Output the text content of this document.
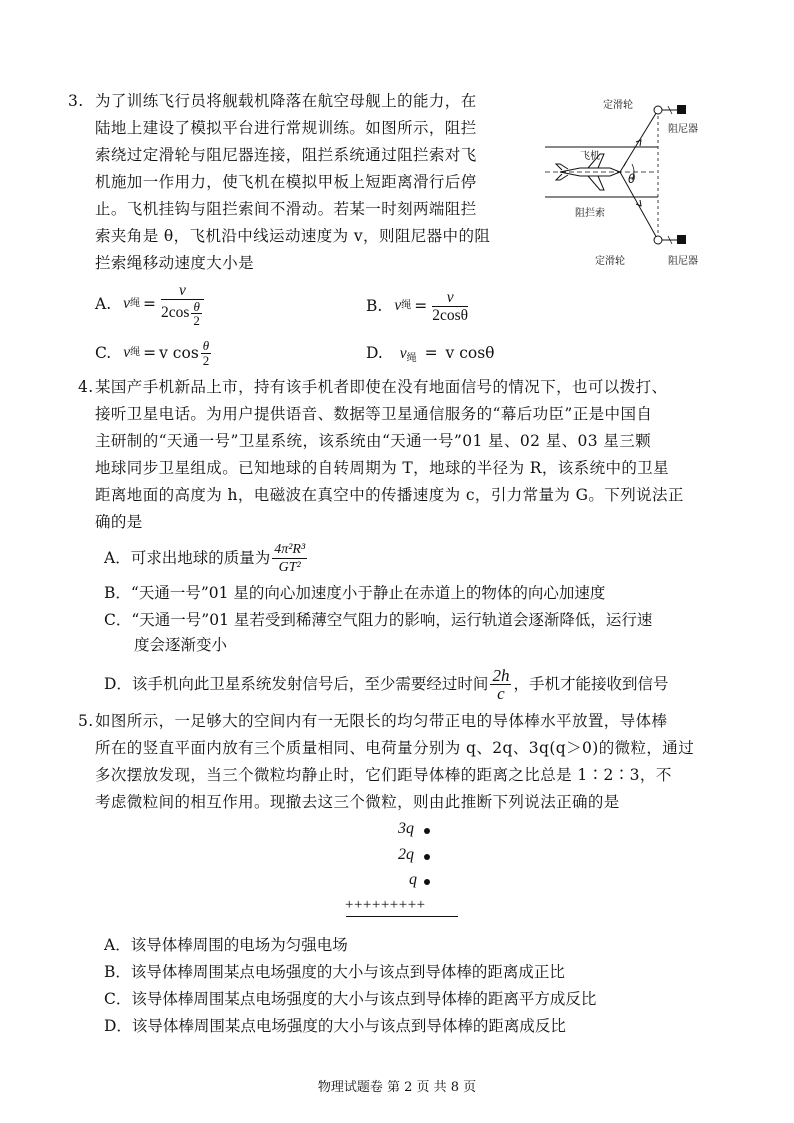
3. 为了训练飞行员将舰载机降落在航空母舰上的能力，在
陆地上建设了模拟平台进行常规训练。如图所示，阻拦
索绕过定滑轮与阻尼器连接，阻拦系统通过阻拦索对飞
机施加一作用力，使飞机在模拟甲板上短距离滑行后停
止。飞机挂钩与阻拦索间不滑动。若某一时刻两端阻拦
索夹角是 θ，飞机沿中线运动速度为 v，则阻尼器中的阻
拦索绳移动速度大小是
定滑轮
阻尼器
飞机
θ
阻拦索
定滑轮	阻尼器
A. v 绳 = $\frac{v}{2\cos \frac{\theta}{2}}$	B. v 绳 = $\frac{v}{2\cos\theta}$
C. v 绳 = v $\cos \frac{\theta}{2}$	D. $v_绳 = v$ cosθ
4. 某国产手机新品上市，持有该手机者即使在没有地面信号的情况下，也可以拨打、
接听卫星电话。为用户提供语音、数据等卫星通信服务的“幕后功臣”正是中国自
主研制的“天通一号”卫星系统，该系统由“天通一号”01 星、02 星、03 星三颗
地球同步卫星组成。已知地球的自转周期为 T，地球的半径为 R，该系统中的卫星
距离地面的高度为 h，电磁波在真空中的传播速度为 c，引力常量为 G。下列说法正
确的是
A．可求出地球的质量为 $\frac{\text{4π²R³}}{\text{GT²}}$
B．“天通一号”01 星的向心加速度小于静止在赤道上的物体的向心加速度
C．“天通一号”01 星若受到稀薄空气阻力的影响，运行轨道会逐渐降低，运行速
度会逐渐变小
D．该手机向此卫星系统发射信号后，至少需要经过时间 $\frac{2h}{c}$ ，手机才能接收到信号
5. 如图所示，一足够大的空间内有一无限长的均匀带正电的导体棒水平放置，导体棒
所在的竖直平面内放有三个质量相同、电荷量分别为 q、2q、3q(q＞0)的微粒，通过
多次摆放发现，当三个微粒均静止时，它们距导体棒的距离之比总是 1∶2∶3，不
考虑微粒间的相互作用。现撤去这三个微粒，则由此推断下列说法正确的是
3q
2q
q
+++++++++
A．该导体棒周围的电场为匀强电场
B．该导体棒周围某点电场强度的大小与该点到导体棒的距离成正比
C．该导体棒周围某点电场强度的大小与该点到导体棒的距离平方成反比
D．该导体棒周围某点电场强度的大小与该点到导体棒的距离成反比
物理试题卷 第 2 页 共 8 页
